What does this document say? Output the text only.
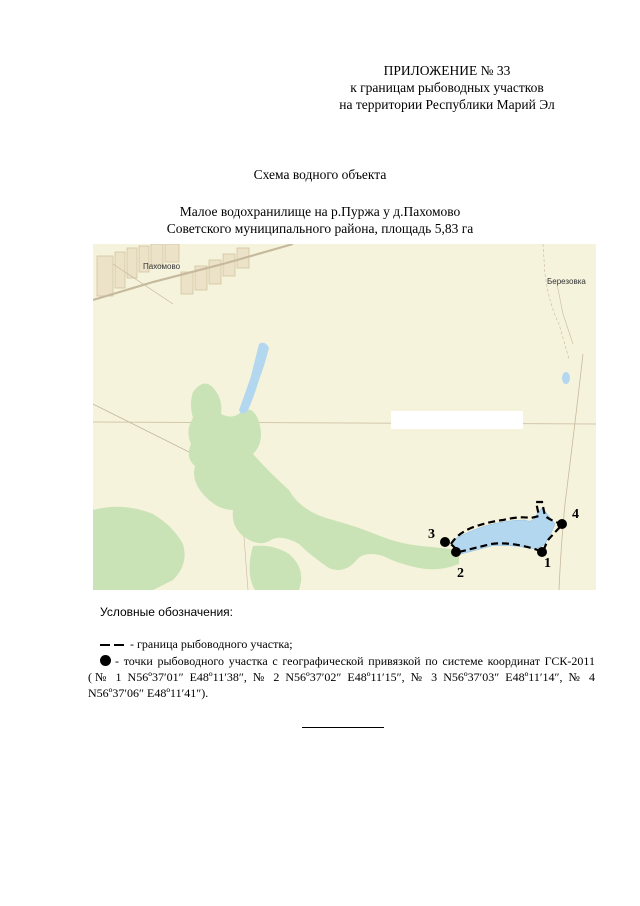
ПРИЛОЖЕНИЕ № 33
к границам рыбоводных участков
на территории Республики Марий Эл
Схема водного объекта
Малое водохранилище на р.Пуржа у д.Пахомово
Советского муниципального района, площадь 5,83 га
Пахомово
Березовка
1
2
3
4
Условные обозначения:
- граница рыбоводного участка;
- точки рыбоводного участка с географической привязкой по системе координат ГСК-2011 (№ 1 N56º37′01″ E48º11′38″, № 2 N56º37′02″ E48º11′15″, № 3 N56º37′03″ E48º11′14″, № 4 N56º37′06″ E48º11′41″).
